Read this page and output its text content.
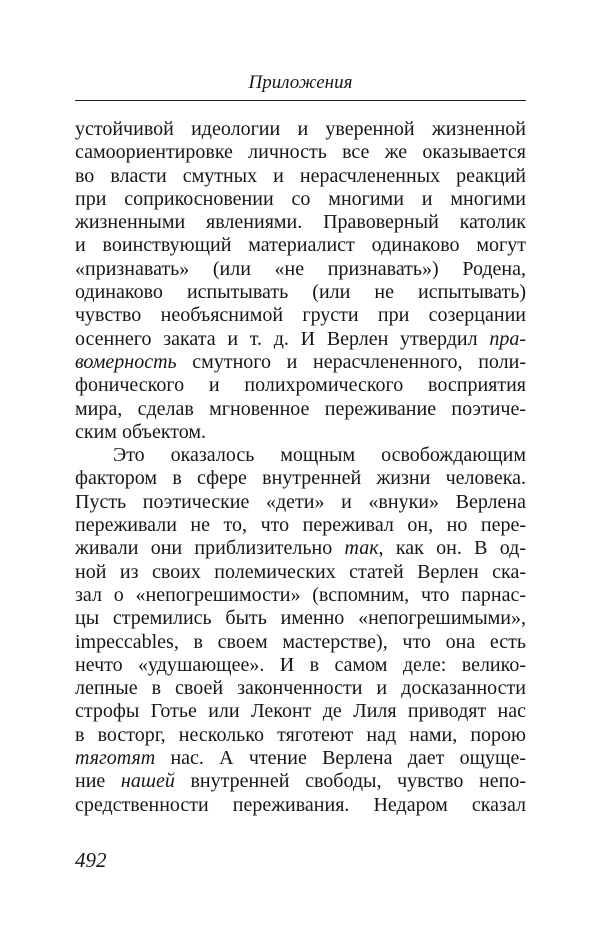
Приложения
устойчивой идеологии и уверенной жизненной
самоориентировке личность все же оказывается
во власти смутных и нерасчлененных реакций
при соприкосновении со многими и многими
жизненными явлениями. Правоверный католик
и воинствующий материалист одинаково могут
«признавать» (или «не признавать») Родена,
одинаково испытывать (или не испытывать)
чувство необъяснимой грусти при созерцании
осеннего заката и т. д. И Верлен утвердил пра-
вомерность смутного и нерасчлененного, поли-
фонического и полихромического восприятия
мира, сделав мгновенное переживание поэтиче-
ским объектом.
Это оказалось мощным освобождающим
фактором в сфере внутренней жизни человека.
Пусть поэтические «дети» и «внуки» Верлена
переживали не то, что переживал он, но пере-
живали они приблизительно так, как он. В од-
ной из своих полемических статей Верлен ска-
зал о «непогрешимости» (вспомним, что парнас-
цы стремились быть именно «непогрешимыми»,
impeccables, в своем мастерстве), что она есть
нечто «удушающее». И в самом деле: велико-
лепные в своей законченности и досказанности
строфы Готье или Леконт де Лиля приводят нас
в восторг, несколько тяготеют над нами, порою
тяготят нас. А чтение Верлена дает ощуще-
ние нашей внутренней свободы, чувство непо-
средственности переживания. Недаром сказал
492
